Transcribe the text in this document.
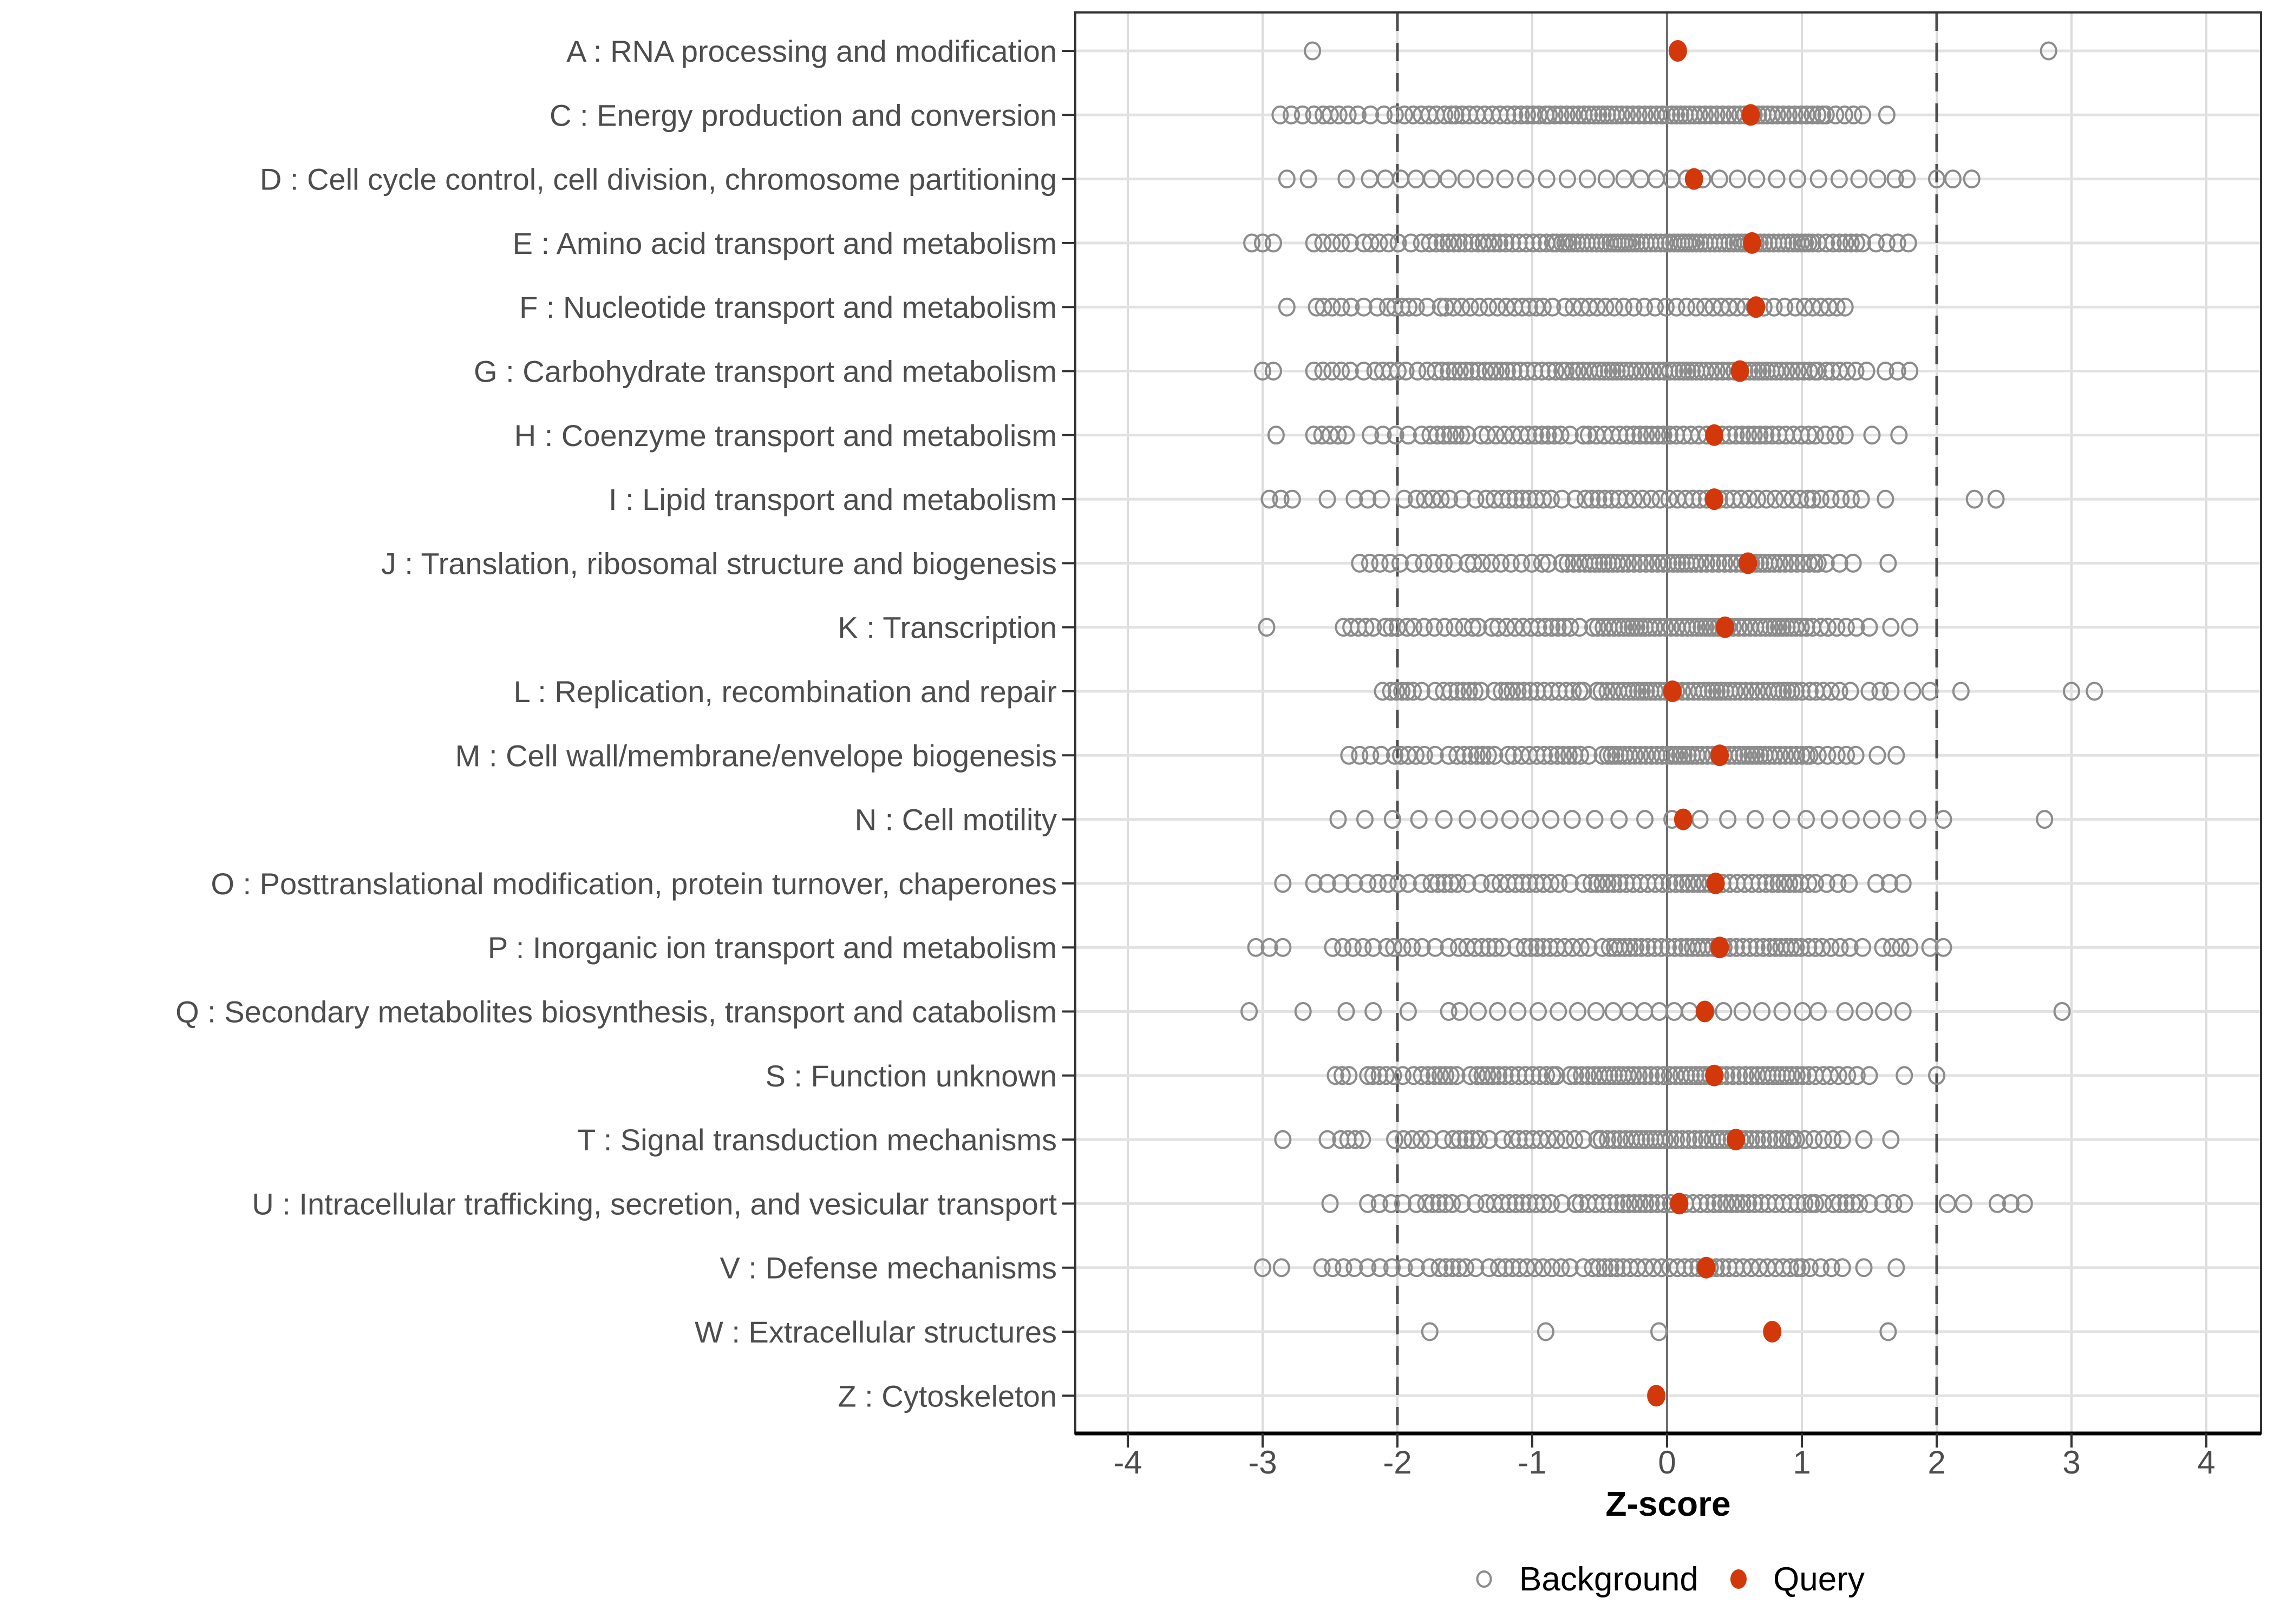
A : RNA processing and modification
C : Energy production and conversion
D : Cell cycle control, cell division, chromosome partitioning
E : Amino acid transport and metabolism
F : Nucleotide transport and metabolism
G : Carbohydrate transport and metabolism
H : Coenzyme transport and metabolism
I : Lipid transport and metabolism
J : Translation, ribosomal structure and biogenesis
K : Transcription
L : Replication, recombination and repair
M : Cell wall/membrane/envelope biogenesis
N : Cell motility
O : Posttranslational modification, protein turnover, chaperones
P : Inorganic ion transport and metabolism
Q : Secondary metabolites biosynthesis, transport and catabolism
S : Function unknown
T : Signal transduction mechanisms
U : Intracellular trafficking, secretion, and vesicular transport
V : Defense mechanisms
W : Extracellular structures
Z : Cytoskeleton
-4	-3	-2	-1	0	1	2	3	4
Z-score
Background Query
